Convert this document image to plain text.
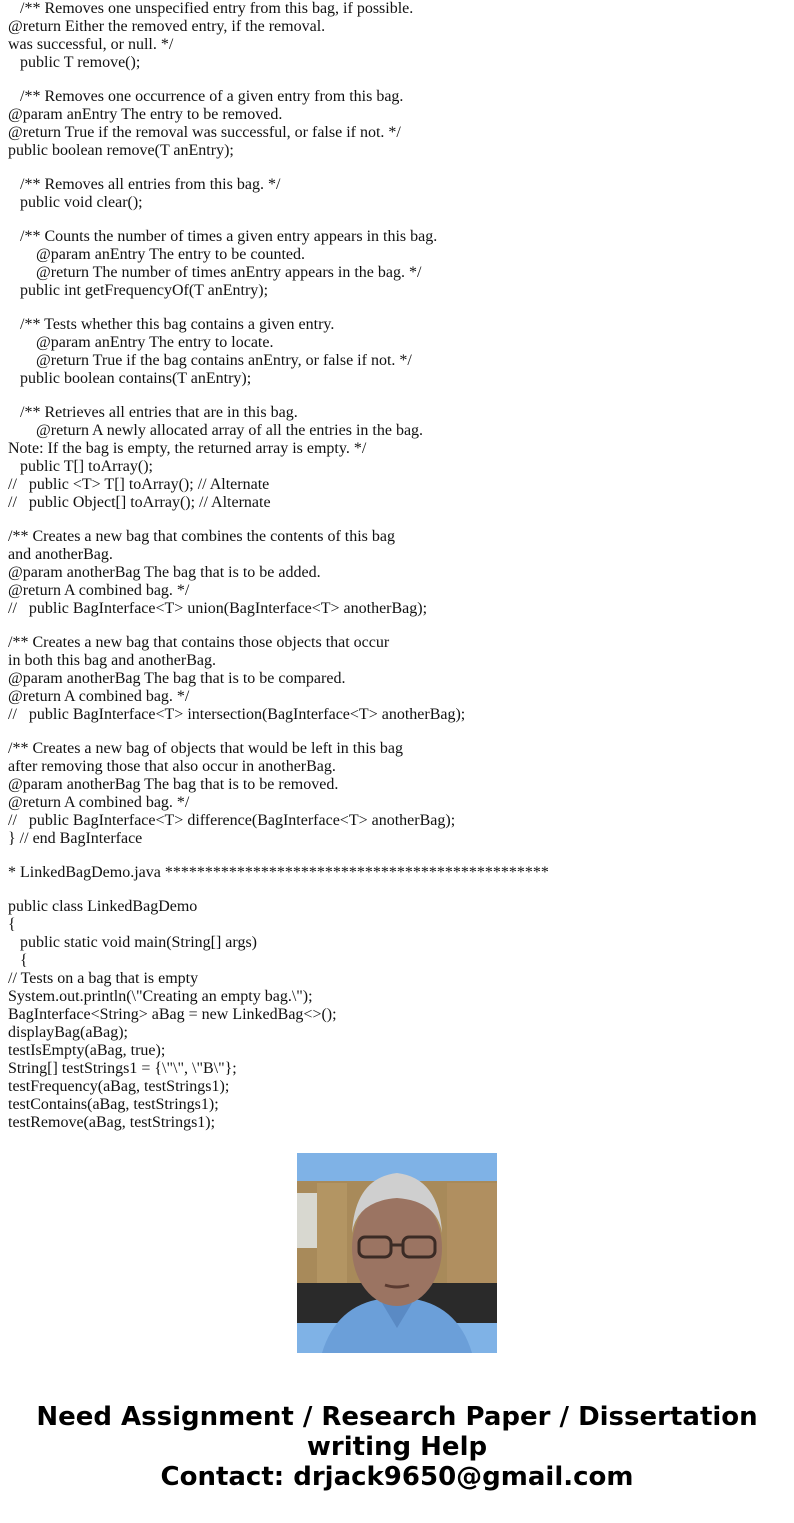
/** Removes one unspecified entry from this bag, if possible.
@return Either the removed entry, if the removal.
was successful, or null. */
public T remove();
/** Removes one occurrence of a given entry from this bag.
@param anEntry The entry to be removed.
@return True if the removal was successful, or false if not. */
public boolean remove(T anEntry);
/** Removes all entries from this bag. */
public void clear();
/** Counts the number of times a given entry appears in this bag.
@param anEntry The entry to be counted.
@return The number of times anEntry appears in the bag. */
public int getFrequencyOf(T anEntry);
/** Tests whether this bag contains a given entry.
@param anEntry The entry to locate.
@return True if the bag contains anEntry, or false if not. */
public boolean contains(T anEntry);
/** Retrieves all entries that are in this bag.
@return A newly allocated array of all the entries in the bag.
Note: If the bag is empty, the returned array is empty. */
public T[] toArray();
//   public <T> T[] toArray(); // Alternate
//   public Object[] toArray(); // Alternate
/** Creates a new bag that combines the contents of this bag
and anotherBag.
@param anotherBag The bag that is to be added.
@return A combined bag. */
//   public BagInterface<T> union(BagInterface<T> anotherBag);
/** Creates a new bag that contains those objects that occur
in both this bag and anotherBag.
@param anotherBag The bag that is to be compared.
@return A combined bag. */
//   public BagInterface<T> intersection(BagInterface<T> anotherBag);
/** Creates a new bag of objects that would be left in this bag
after removing those that also occur in anotherBag.
@param anotherBag The bag that is to be removed.
@return A combined bag. */
//   public BagInterface<T> difference(BagInterface<T> anotherBag);
} // end BagInterface
* LinkedBagDemo.java ************************************************
public class LinkedBagDemo
{
public static void main(String[] args)
{
// Tests on a bag that is empty
System.out.println(\"Creating an empty bag.\");
BagInterface<String> aBag = new LinkedBag<>();
displayBag(aBag);
testIsEmpty(aBag, true);
String[] testStrings1 = {\"\", \"B\"};
testFrequency(aBag, testStrings1);
testContains(aBag, testStrings1);
testRemove(aBag, testStrings1);
Need Assignment / Research Paper / Dissertation
writing Help
Contact: drjack9650@gmail.com
